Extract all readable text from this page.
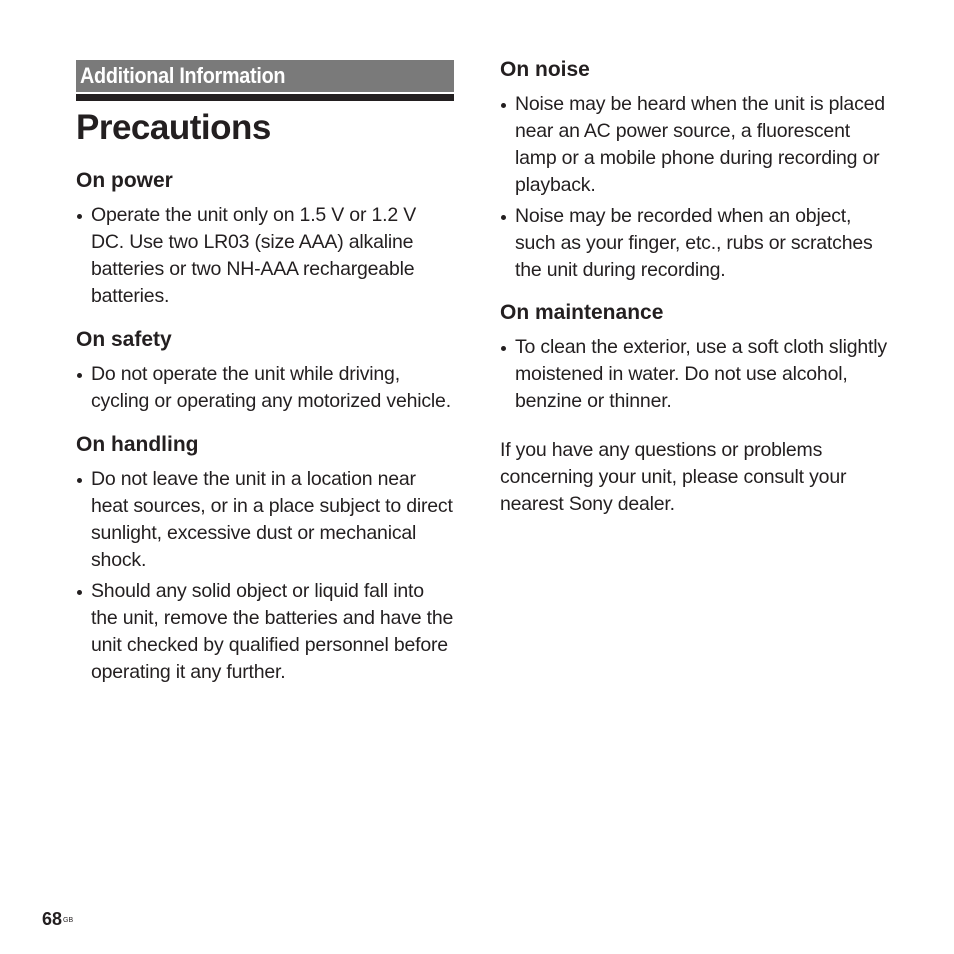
Additional Information
Precautions
On power
Operate the unit only on 1.5 V or 1.2 V DC. Use two LR03 (size AAA) alkaline batteries or two NH-AAA rechargeable batteries.
On safety
Do not operate the unit while driving, cycling or operating any motorized vehicle.
On handling
Do not leave the unit in a location near heat sources, or in a place subject to direct sunlight, excessive dust or mechanical shock.
Should any solid object or liquid fall into the unit, remove the batteries and have the unit checked by qualified personnel before operating it any further.
On noise
Noise may be heard when the unit is placed near an AC power source, a fluorescent lamp or a mobile phone during recording or playback.
Noise may be recorded when an object, such as your finger, etc., rubs or scratches the unit during recording.
On maintenance
To clean the exterior, use a soft cloth slightly moistened in water. Do not use alcohol, benzine or thinner.

If you have any questions or problems concerning your unit, please consult your nearest Sony dealer.

$68^{GB}$
